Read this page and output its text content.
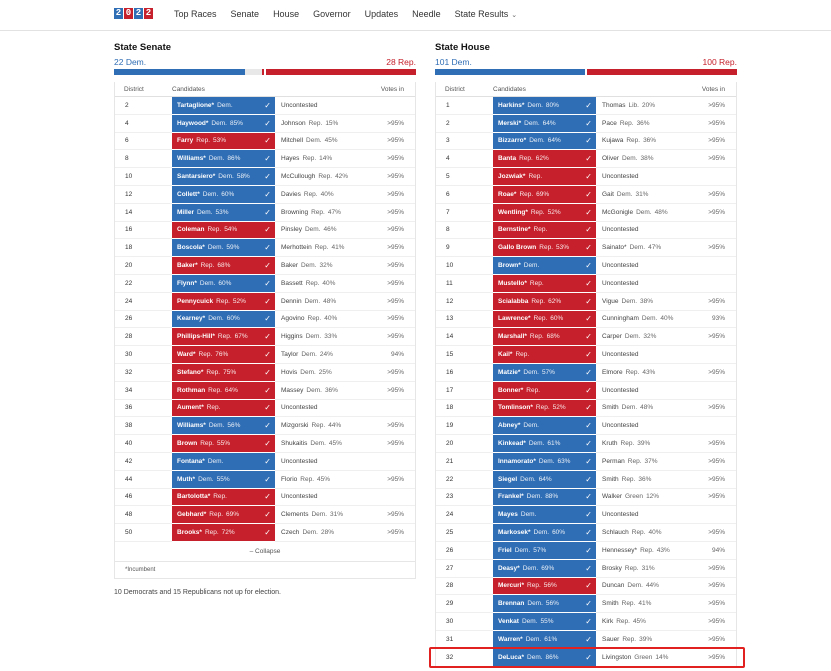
2 0 2 2	Top Races Senate House Governor Updates Needle State Results ⌄
State Senate
22 Dem.	28 Rep.
District	Candidates	Votes in
2	Tartaglione* Dem.	✓ Uncontested
4	Haywood* Dem. 85%	✓ Johnson Rep. 15%	>95%
6	Farry Rep. 53%	✓ Mitchell Dem. 45%	>95%
8	Williams* Dem. 86%	✓ Hayes Rep. 14%	>95%
10	Santarsiero* Dem. 58% ✓ McCullough Rep. 42%	>95%
12	Collett* Dem. 60%	✓ Davies Rep. 40%	>95%
14	Miller Dem. 53%	✓ Browning Rep. 47%	>95%
16	Coleman Rep. 54%	✓ Pinsley Dem. 46%	>95%
18	Boscola* Dem. 59%	✓ Merhottein Rep. 41%	>95%
20	Baker* Rep. 68%	✓ Baker Dem. 32%	>95%
22	Flynn* Dem. 60%	✓ Bassett Rep. 40%	>95%
24	Pennycuick Rep. 52% ✓ Dennin Dem. 48%	>95%
26	Kearney* Dem. 60%	✓ Agovino Rep. 40%	>95%
28	Phillips-Hill* Rep. 67% ✓ Higgins Dem. 33%	>95%
30	Ward* Rep. 76%	✓ Taylor Dem. 24%	94%
32	Stefano* Rep. 75%	✓ Hovis Dem. 25%	>95%
34	Rothman Rep. 64%	✓ Massey Dem. 36%	>95%
36	Aument* Rep.	✓ Uncontested
38	Williams* Dem. 56%	✓ Mizgorski Rep. 44%	>95%
40	Brown Rep. 55%	✓ Shukaitis Dem. 45%	>95%
42	Fontana* Dem.	✓ Uncontested
44	Muth* Dem. 55%	✓ Florio Rep. 45%	>95%
46	Bartolotta* Rep.	✓ Uncontested
48	Gebhard* Rep. 69%	✓ Clements Dem. 31%	>95%
50	Brooks* Rep. 72%	✓ Czech Dem. 28%	>95%
– Collapse
*Incumbent
10 Democrats and 15 Republicans not up for election.
State House
101 Dem.	100 Rep.
District	Candidates	Votes in
1	Harkins* Dem. 80%	✓ Thomas Lib. 20%	>95%
2	Merski* Dem. 64%	✓ Pace Rep. 36%	>95%
3	Bizzarro* Dem. 64%	✓ Kujawa Rep. 36%	>95%
4	Banta Rep. 62%	✓ Oliver Dem. 38%	>95%
5	Jozwiak* Rep.	✓ Uncontested
6	Roae* Rep. 69%	✓ Gait Dem. 31%	>95%
7	Wentling* Rep. 52%	✓ McGonigle Dem. 48%	>95%
8	Bernstine* Rep.	✓ Uncontested
9	Gallo Brown Rep. 53% ✓ Sainato* Dem. 47%	>95%
10	Brown* Dem.	✓ Uncontested
11	Mustello* Rep.	✓ Uncontested
12	Scialabba Rep. 62%	✓ Vigue Dem. 38%	>95%
13	Lawrence* Rep. 60%	✓ Cunningham Dem. 40%	93%
14	Marshall* Rep. 68%	✓ Carper Dem. 32%	>95%
15	Kail* Rep.	✓ Uncontested
16	Matzie* Dem. 57%	✓ Elmore Rep. 43%	>95%
17	Bonner* Rep.	✓ Uncontested
18	Tomlinson* Rep. 52% ✓ Smith Dem. 48%	>95%
19	Abney* Dem.	✓ Uncontested
20	Kinkead* Dem. 61%	✓ Kruth Rep. 39%	>95%
21	Innamorato* Dem. 63% ✓ Perman Rep. 37%	>95%
22	Siegel Dem. 64%	✓ Smith Rep. 36%	>95%
23	Frankel* Dem. 88%	✓ Walker Green 12%	>95%
24	Mayes Dem.	✓ Uncontested
25	Markosek* Dem. 60%	✓ Schlauch Rep. 40%	>95%
26	Friel Dem. 57%	✓ Hennessey* Rep. 43%	94%
27	Deasy* Dem. 69%	✓ Brosky Rep. 31%	>95%
28	Mercuri* Rep. 56%	✓ Duncan Dem. 44%	>95%
29	Brennan Dem. 56%	✓ Smith Rep. 41%	>95%
30	Venkat Dem. 55%	✓ Kirk Rep. 45%	>95%
31	Warren* Dem. 61%	✓ Sauer Rep. 39%	>95%
32	DeLuca* Dem. 86%	✓ Livingston Green 14%	>95%
